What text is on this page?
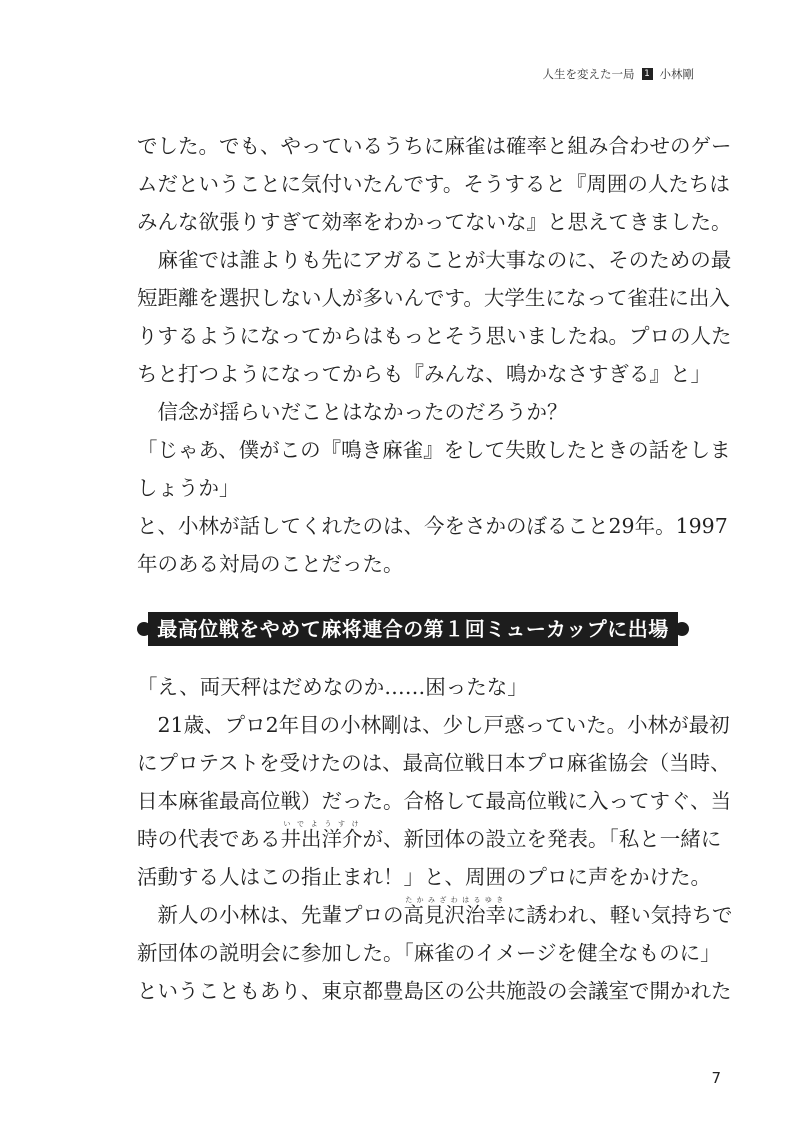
人生を変えた一局 1 小林剛

でした。でも、やっているうちに麻雀は確率と組み合わせのゲー

ムだということに気付いたんです。そうすると『周囲の人たちは

みんな欲張りすぎて効率をわかってないな』と思えてきました。

　麻雀では誰よりも先にアガることが大事なのに、そのための最

短距離を選択しない人が多いんです。大学生になって雀荘に出入

りするようになってからはもっとそう思いましたね。プロの人た

ちと打つようになってからも『みんな、鳴かなさすぎる』と」

　信念が揺らいだことはなかったのだろうか？

「じゃあ、僕がこの『鳴き麻雀』をして失敗したときの話をしま

しょうか」

と、小林が話してくれたのは、今をさかのぼること29年。1997

年のある対局のことだった。

最高位戦をやめて麻将連合の第１回ミューカップに出場

「え、両天秤はだめなのか……困ったな」

　21歳、プロ2年目の小林剛は、少し戸惑っていた。小林が最初

にプロテストを受けたのは、最高位戦日本プロ麻雀協会（当時、

日本麻雀最高位戦）だった。合格して最高位戦に入ってすぐ、当

時の代表である井出洋介いでようすけが、新団体の設立を発表。「私と一緒に

活動する人はこの指止まれ！」と、周囲のプロに声をかけた。

　新人の小林は、先輩プロの高見沢治幸たかみざわはるゆきに誘われ、軽い気持ちで

新団体の説明会に参加した。「麻雀のイメージを健全なものに」

ということもあり、東京都豊島区の公共施設の会議室で開かれた

7
